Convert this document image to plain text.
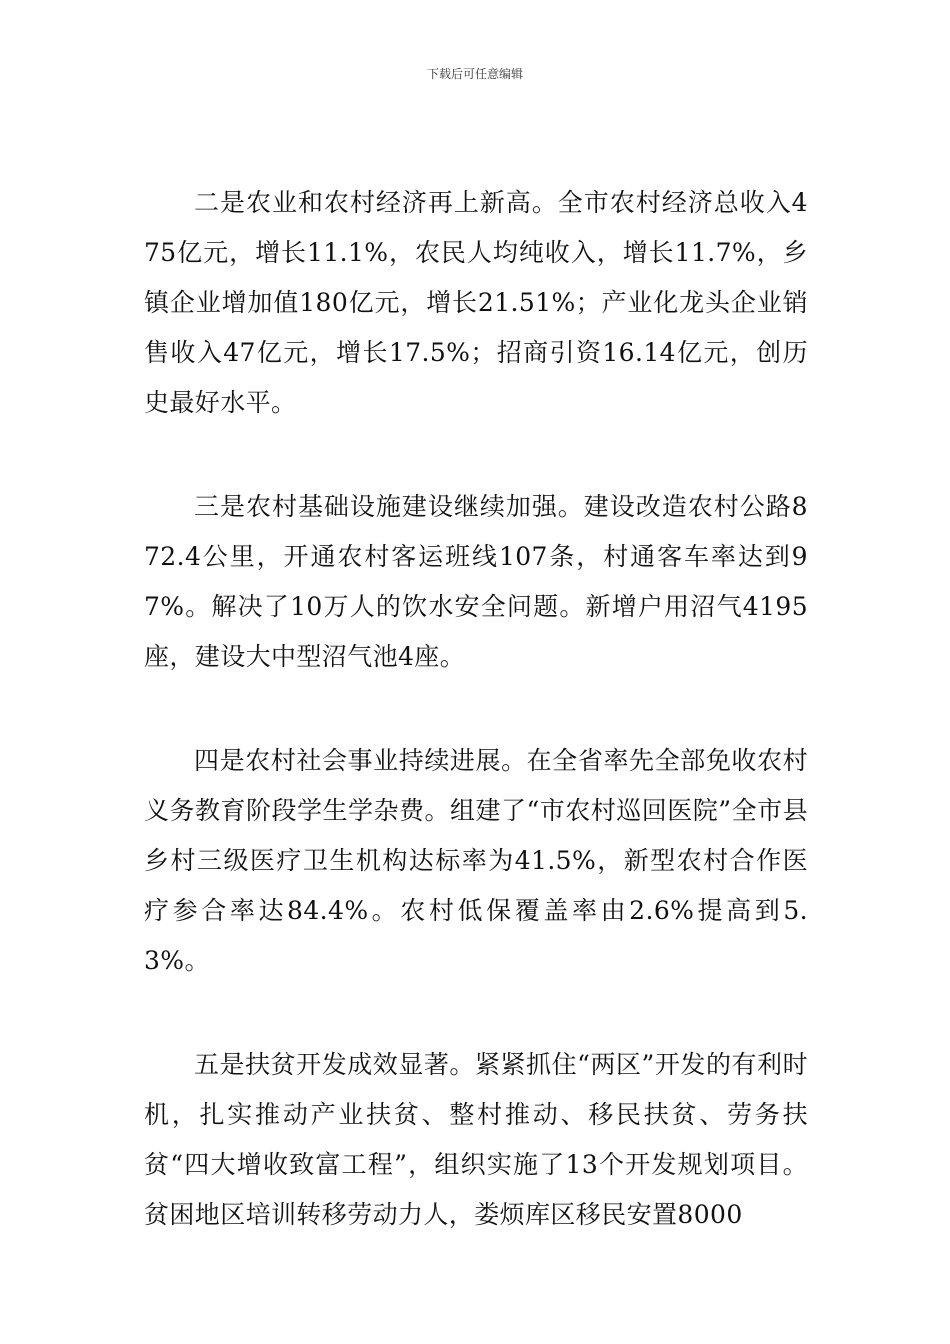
下载后可任意编辑

二是农业和农村经济再上新高。全市农村经济总收入475亿元，增长11.1%，农民人均纯收入，增长11.7%，乡镇企业增加值180亿元，增长21.51%；产业化龙头企业销售收入47亿元，增长17.5%；招商引资16.14亿元，创历史最好水平。

三是农村基础设施建设继续加强。建设改造农村公路872.4公里，开通农村客运班线107条，村通客车率达到97%。解决了10万人的饮水安全问题。新增户用沼气4195座，建设大中型沼气池4座。

四是农村社会事业持续进展。在全省率先全部免收农村义务教育阶段学生学杂费。组建了“市农村巡回医院”全市县乡村三级医疗卫生机构达标率为41.5%，新型农村合作医疗参合率达84.4%。农村低保覆盖率由2.6%提高到5.3%。

五是扶贫开发成效显著。紧紧抓住“两区”开发的有利时机，扎实推动产业扶贫、整村推动、移民扶贫、劳务扶贫“四大增收致富工程”，组织实施了13个开发规划项目。贫困地区培训转移劳动力人，娄烦库区移民安置8000
